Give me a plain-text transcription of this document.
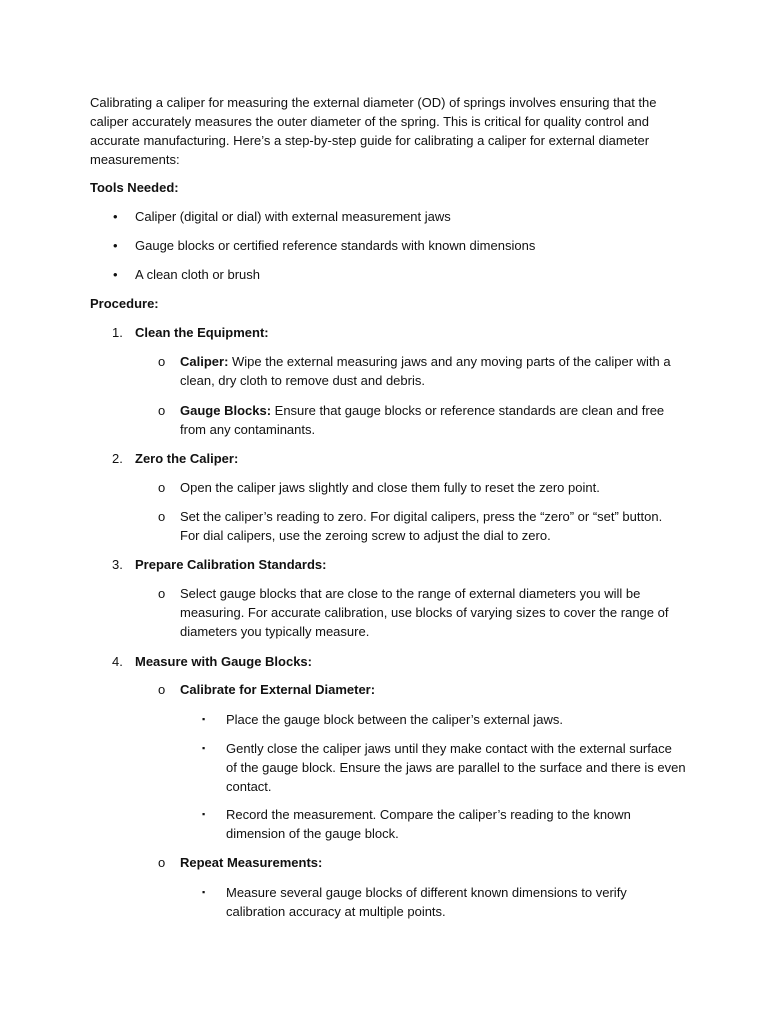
Calibrating a caliper for measuring the external diameter (OD) of springs involves ensuring that the caliper accurately measures the outer diameter of the spring. This is critical for quality control and accurate manufacturing. Here’s a step-by-step guide for calibrating a caliper for external diameter measurements:

Tools Needed:

• Caliper (digital or dial) with external measurement jaws
• Gauge blocks or certified reference standards with known dimensions
• A clean cloth or brush

Procedure:

1. Clean the Equipment:
o Caliper: Wipe the external measuring jaws and any moving parts of the caliper with a clean, dry cloth to remove dust and debris.
o Gauge Blocks: Ensure that gauge blocks or reference standards are clean and free from any contaminants.
2. Zero the Caliper:
o Open the caliper jaws slightly and close them fully to reset the zero point.
o Set the caliper’s reading to zero. For digital calipers, press the “zero” or “set” button. For dial calipers, use the zeroing screw to adjust the dial to zero.
3. Prepare Calibration Standards:
o Select gauge blocks that are close to the range of external diameters you will be measuring. For accurate calibration, use blocks of varying sizes to cover the range of diameters you typically measure.
4. Measure with Gauge Blocks:
o Calibrate for External Diameter:
▪ Place the gauge block between the caliper’s external jaws.
▪ Gently close the caliper jaws until they make contact with the external surface of the gauge block. Ensure the jaws are parallel to the surface and there is even contact.
▪ Record the measurement. Compare the caliper’s reading to the known dimension of the gauge block.
o Repeat Measurements:
▪ Measure several gauge blocks of different known dimensions to verify calibration accuracy at multiple points.
